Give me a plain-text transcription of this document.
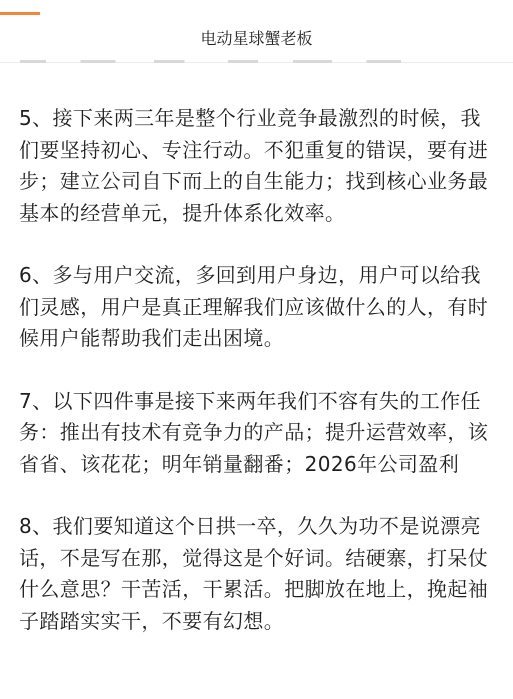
电动星球蟹老板

5、接下来两三年是整个行业竞争最激烈的时候，我们要坚持初心、专注行动。不犯重复的错误，要有进步；建立公司自下而上的自生能力；找到核心业务最基本的经营单元，提升体系化效率。

6、多与用户交流，多回到用户身边，用户可以给我们灵感，用户是真正理解我们应该做什么的人，有时候用户能帮助我们走出困境。

7、以下四件事是接下来两年我们不容有失的工作任务：推出有技术有竞争力的产品；提升运营效率，该省省、该花花；明年销量翻番；2026年公司盈利

8、我们要知道这个日拱一卒，久久为功不是说漂亮话，不是写在那，觉得这是个好词。结硬寨，打呆仗什么意思？干苦活，干累活。把脚放在地上，挽起袖子踏踏实实干，不要有幻想。
